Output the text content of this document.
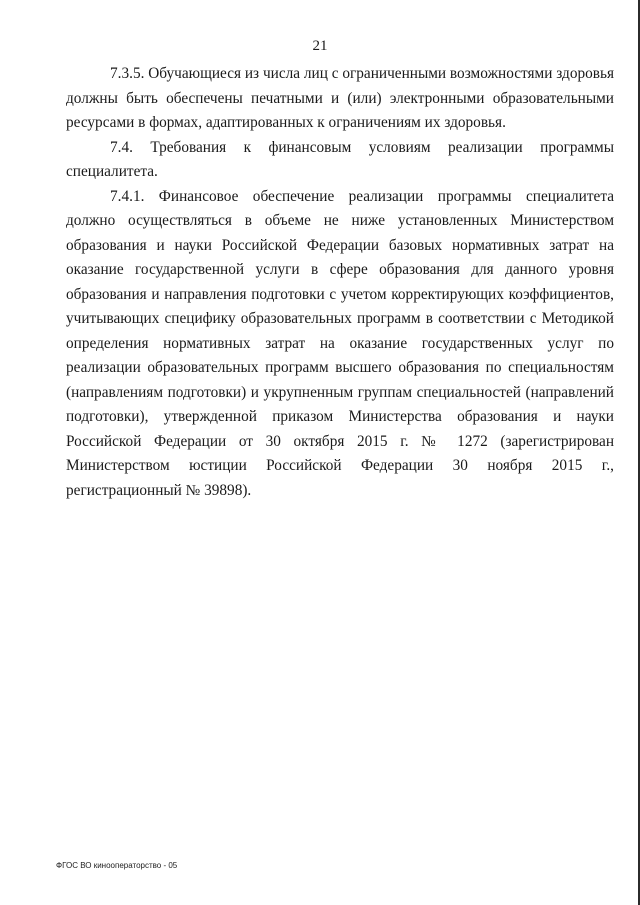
21

7.3.5. Обучающиеся из числа лиц с ограниченными возможностями здоровья должны быть обеспечены печатными и (или) электронными образовательными ресурсами в формах, адаптированных к ограничениям их здоровья.

7.4. Требования к финансовым условиям реализации программы специалитета.

7.4.1. Финансовое обеспечение реализации программы специалитета должно осуществляться в объеме не ниже установленных Министерством образования и науки Российской Федерации базовых нормативных затрат на оказание государственной услуги в сфере образования для данного уровня образования и направления подготовки с учетом корректирующих коэффициентов, учитывающих специфику образовательных программ в соответствии с Методикой определения нормативных затрат на оказание государственных услуг по реализации образовательных программ высшего образования по специальностям (направлениям подготовки) и укрупненным группам специальностей (направлений подготовки), утвержденной приказом Министерства образования и науки Российской Федерации от 30 октября 2015 г. № 1272 (зарегистрирован Министерством юстиции Российской Федерации 30 ноября 2015 г., регистрационный № 39898).

ФГОС ВО кинооператорство - 05
